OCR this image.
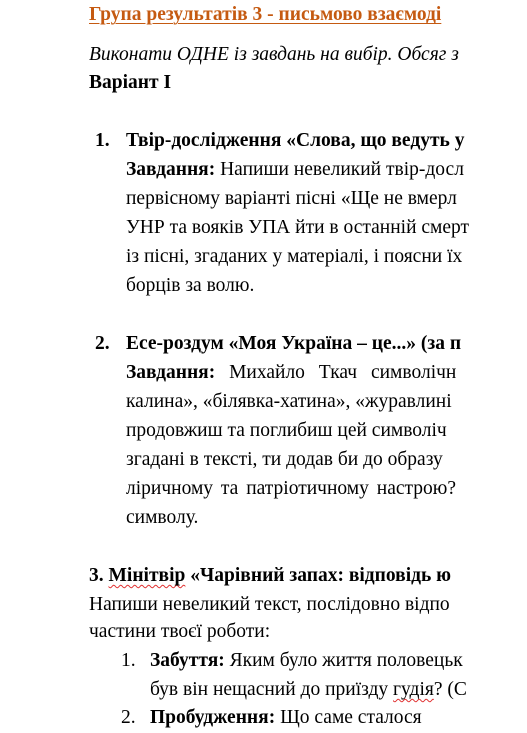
Група результатів 3 - письмово взаємоді
Виконати ОДНЕ із завдань на вибір. Обсяг з
Варіант І
1. Твір-дослідження «Слова, що ведуть у
Завдання: Напиши невеликий твір-досл
первісному варіанті пісні «Ще не вмерл
УНР та вояків УПА йти в останній смерт
із пісні, згаданих у матеріалі, і поясни їх
борців за волю.
2. Есе-роздум «Моя Україна – це...» (за п
Завдання: Михайло Ткач символічн
калина», «білявка-хатина», «журавлині
продовжиш та поглибиш цей символіч
згадані в тексті, ти додав би до образу
ліричному та патріотичному настрою?
символу.
3. Мінітвір «Чарівний запах: відповідь ю
Напиши невеликий текст, послідовно відпо
частини твоєї роботи:
1. Забуття: Яким було життя половецьк
був він нещасний до приїзду гудія? (С
2. Пробудження: Що саме сталося
